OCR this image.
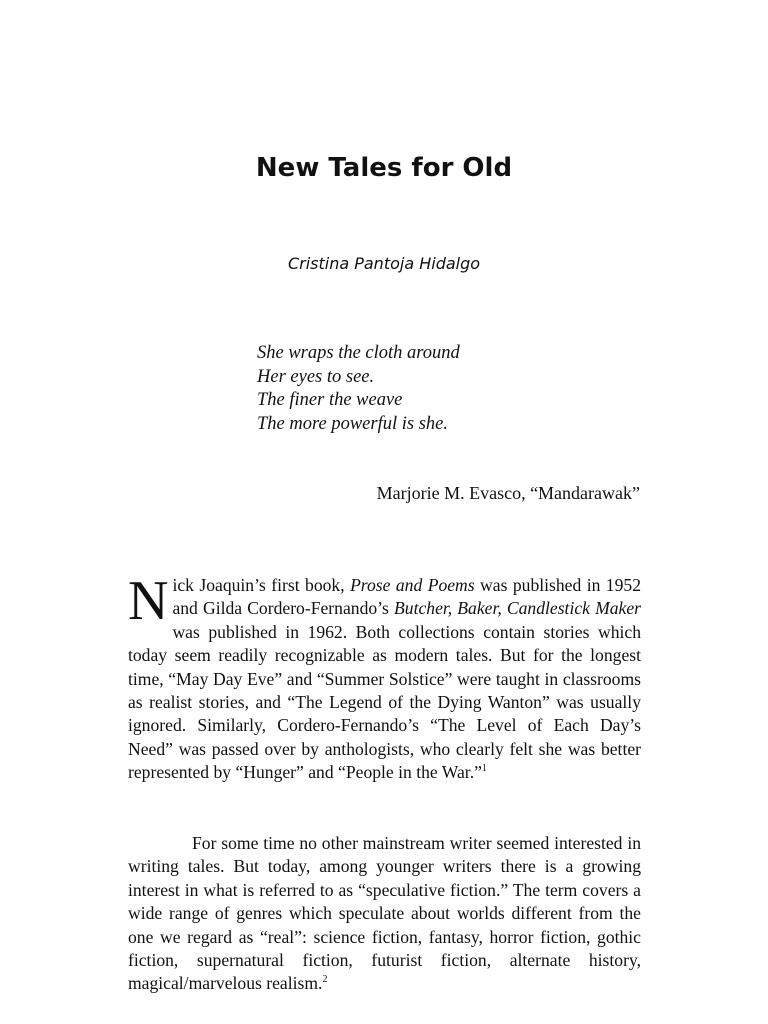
New Tales for Old
Cristina Pantoja Hidalgo
She wraps the cloth around
Her eyes to see.
The finer the weave
The more powerful is she.
Marjorie M. Evasco, “Mandarawak”

Nick Joaquin’s first book, Prose and Poems was published in 1952 and Gilda Cordero-Fernando’s Butcher, Baker, Candlestick Maker was published in 1962. Both collections contain stories which today seem readily recognizable as modern tales. But for the longest time, “May Day Eve” and “Summer Solstice” were taught in classrooms as realist stories, and “The Legend of the Dying Wanton” was usually ignored. Similarly, Cordero-Fernando’s “The Level of Each Day’s Need” was passed over by anthologists, who clearly felt she was better represented by “Hunger” and “People in the War.”$^1$

For some time no other mainstream writer seemed interested in writing tales. But today, among younger writers there is a growing interest in what is referred to as “speculative fiction.” The term covers a wide range of genres which speculate about worlds different from the one we regard as “real”: science fiction, fantasy, horror fiction, gothic fiction, supernatural fiction, futurist fiction, alternate history, magical/marvelous realism.$^2$
